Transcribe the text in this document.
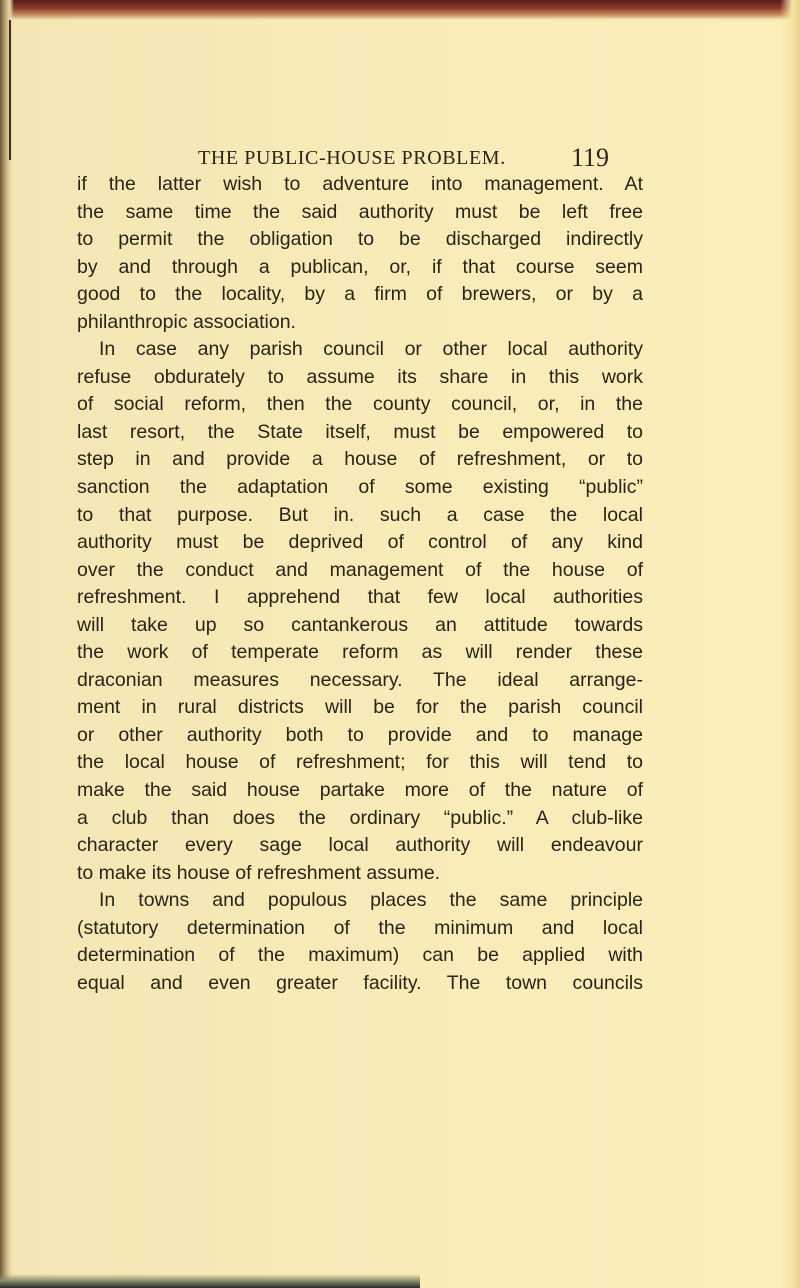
THE PUBLIC-HOUSE PROBLEM.	119
if the latter wish to adventure into management. At
the same time the said authority must be left free
to permit the obligation to be discharged indirectly
by and through a publican, or, if that course seem
good to the locality, by a firm of brewers, or by a
philanthropic association.
In case any parish council or other local authority
refuse obdurately to assume its share in this work
of social reform, then the county council, or, in the
last resort, the State itself, must be empowered to
step in and provide a house of refreshment, or to
sanction the adaptation of some existing “public”
to that purpose. But in. such a case the local
authority must be deprived of control of any kind
over the conduct and management of the house of
refreshment. I apprehend that few local authorities
will take up so cantankerous an attitude towards
the work of temperate reform as will render these
draconian measures necessary. The ideal arrange-
ment in rural districts will be for the parish council
or other authority both to provide and to manage
the local house of refreshment; for this will tend to
make the said house partake more of the nature of
a club than does the ordinary “public.” A club-like
character every sage local authority will endeavour
to make its house of refreshment assume.
In towns and populous places the same principle
(statutory determination of the minimum and local
determination of the maximum) can be applied with
equal and even greater facility. The town councils
